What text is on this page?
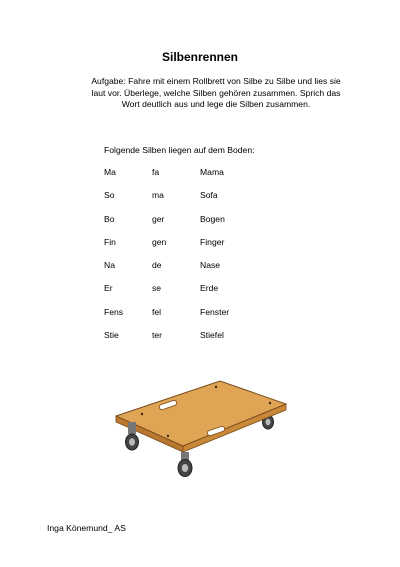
Silbenrennen
Aufgabe: Fahre mit einem Rollbrett von Silbe zu Silbe und lies sie
laut vor. Überlege, welche Silben gehören zusammen. Sprich das
Wort deutlich aus und lege die Silben zusammen.
Folgende Silben liegen auf dem Boden:
Ma	fa	Mama
So	ma	Sofa
Bo	ger	Bogen
Fin	gen	Finger
Na	de	Nase
Er	se	Erde
Fens	fel	Fenster
Stie	ter	Stiefel
Inga Könemund_ AS
